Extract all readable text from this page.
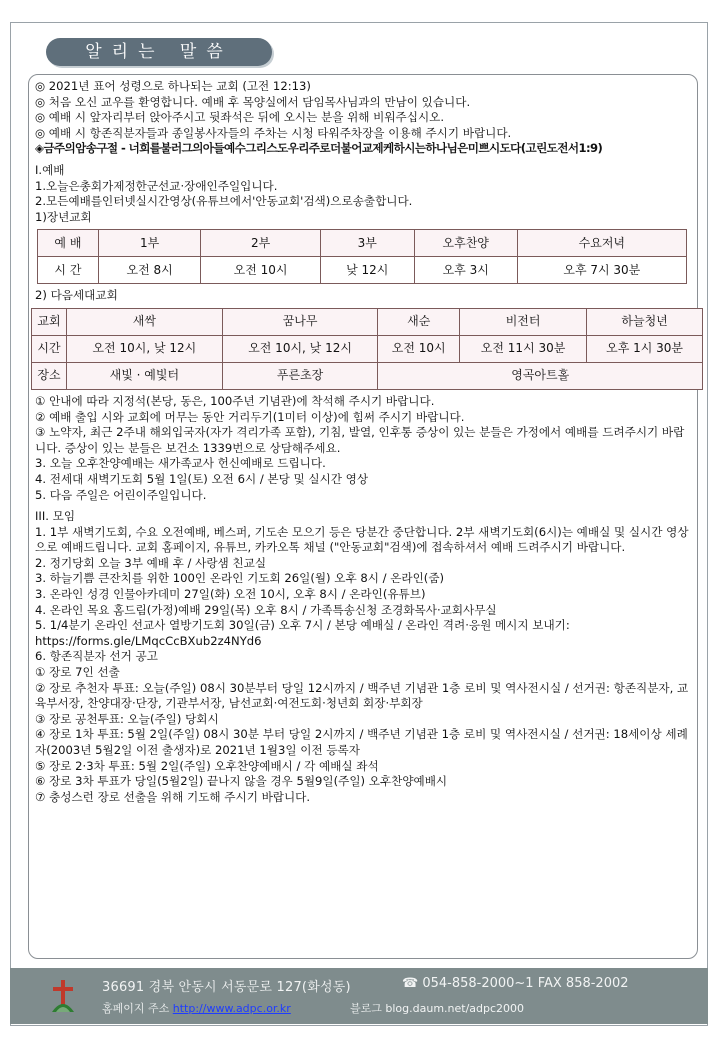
알리는 말씀

◎ 2021년 표어 성령으로 하나되는 교회 (고전 12:13)

◎ 처음 오신 교우를 환영합니다. 예배 후 목양실에서 담임목사님과의 만남이 있습니다.

◎ 예배 시 앞자리부터 앉아주시고 뒷좌석은 뒤에 오시는 분을 위해 비워주십시오.

◎ 예배 시 항존직분자들과 종일봉사자들의 주차는 시청 타워주차장을 이용해 주시기 바랍니다.

◈금주의암송구절 - 너희를불러그의아들예수그리스도우리주로더불어교제케하시는하나님은미쁘시도다(고린도전서1:9)

I.예배

1.오늘은총회가제정한군선교·장애인주일입니다.

2.모든예배를인터넷실시간영상(유튜브에서'안동교회'검색)으로송출합니다.

1)장년교회

예 배	1부	2부	3부	오후찬양	수요저녁
시 간	오전 8시	오전 10시	낮 12시	오후 3시	오후 7시 30분

2) 다음세대교회

교회	새싹	꿈나무	새순	비전터	하늘청년
시간	오전 10시, 낮 12시	오전 10시, 낮 12시	오전 10시	오전 11시 30분	오후 1시 30분
장소	새빛 · 예빛터	푸른초장	영곡아트홀		

① 안내에 따라 지정석(본당, 동은, 100주년 기념관)에 착석해 주시기 바랍니다.

② 예배 출입 시와 교회에 머무는 동안 거리두기(1미터 이상)에 힘써 주시기 바랍니다.

③ 노약자, 최근 2주내 해외입국자(자가 격리가족 포함), 기침, 발열, 인후통 증상이 있는 분들은 가정에서 예배를 드려주시기 바랍니다. 증상이 있는 분들은 보건소 1339번으로 상담해주세요.

3. 오늘 오후찬양예배는 새가족교사 헌신예배로 드립니다.

4. 전세대 새벽기도회 5월 1일(토) 오전 6시 / 본당 및 실시간 영상

5. 다음 주일은 어린이주일입니다.

III. 모임

1. 1부 새벽기도회, 수요 오전예배, 베스퍼, 기도손 모으기 등은 당분간 중단합니다. 2부 새벽기도회(6시)는 예배실 및 실시간 영상으로 예배드립니다. 교회 홈페이지, 유튜브, 카카오톡 채널 ("안동교회"검색)에 접속하셔서 예배 드려주시기 바랍니다.

2. 정기당회 오늘 3부 예배 후 / 사랑샘 친교실

3. 하늘기쁨 큰잔치를 위한 100인 온라인 기도회 26일(월) 오후 8시 / 온라인(줌)

3. 온라인 성경 인물아카데미 27일(화) 오전 10시, 오후 8시 / 온라인(유튜브)

4. 온라인 목요 홈드림(가정)예배 29일(목) 오후 8시 / 가족특송신청 조경화목사·교회사무실

5. 1/4분기 온라인 선교사 열방기도회 30일(금) 오후 7시 / 본당 예배실 / 온라인 격려·응원 메시지 보내기:

https://forms.gle/LMqcCcBXub2z4NYd6

6. 항존직분자 선거 공고

① 장로 7인 선출

② 장로 추천자 투표: 오늘(주일) 08시 30분부터 당일 12시까지 / 백주년 기념관 1층 로비 및 역사전시실 / 선거권: 항존직분자, 교육부서장, 찬양대장·단장, 기관부서장, 남선교회·여전도회·청년회 회장·부회장

③ 장로 공천투표: 오늘(주일) 당회시

④ 장로 1차 투표: 5월 2일(주일) 08시 30분 부터 당일 2시까지 / 백주년 기념관 1층 로비 및 역사전시실 / 선거권: 18세이상 세례자(2003년 5월2일 이전 출생자)로 2021년 1월3일 이전 등록자

⑤ 장로 2·3차 투표: 5월 2일(주일) 오후찬양예배시 / 각 예배실 좌석

⑥ 장로 3차 투표가 당일(5월2일) 끝나지 않을 경우 5월9일(주일) 오후찬양예배시

⑦ 충성스런 장로 선출을 위해 기도해 주시기 바랍니다.

36691 경북 안동시 서동문로 127(화성동)	☎ 054-858-2000~1 FAX 858-2002
홈페이지 주소 http://www.adpc.or.kr	블로그 blog.daum.net/adpc2000
